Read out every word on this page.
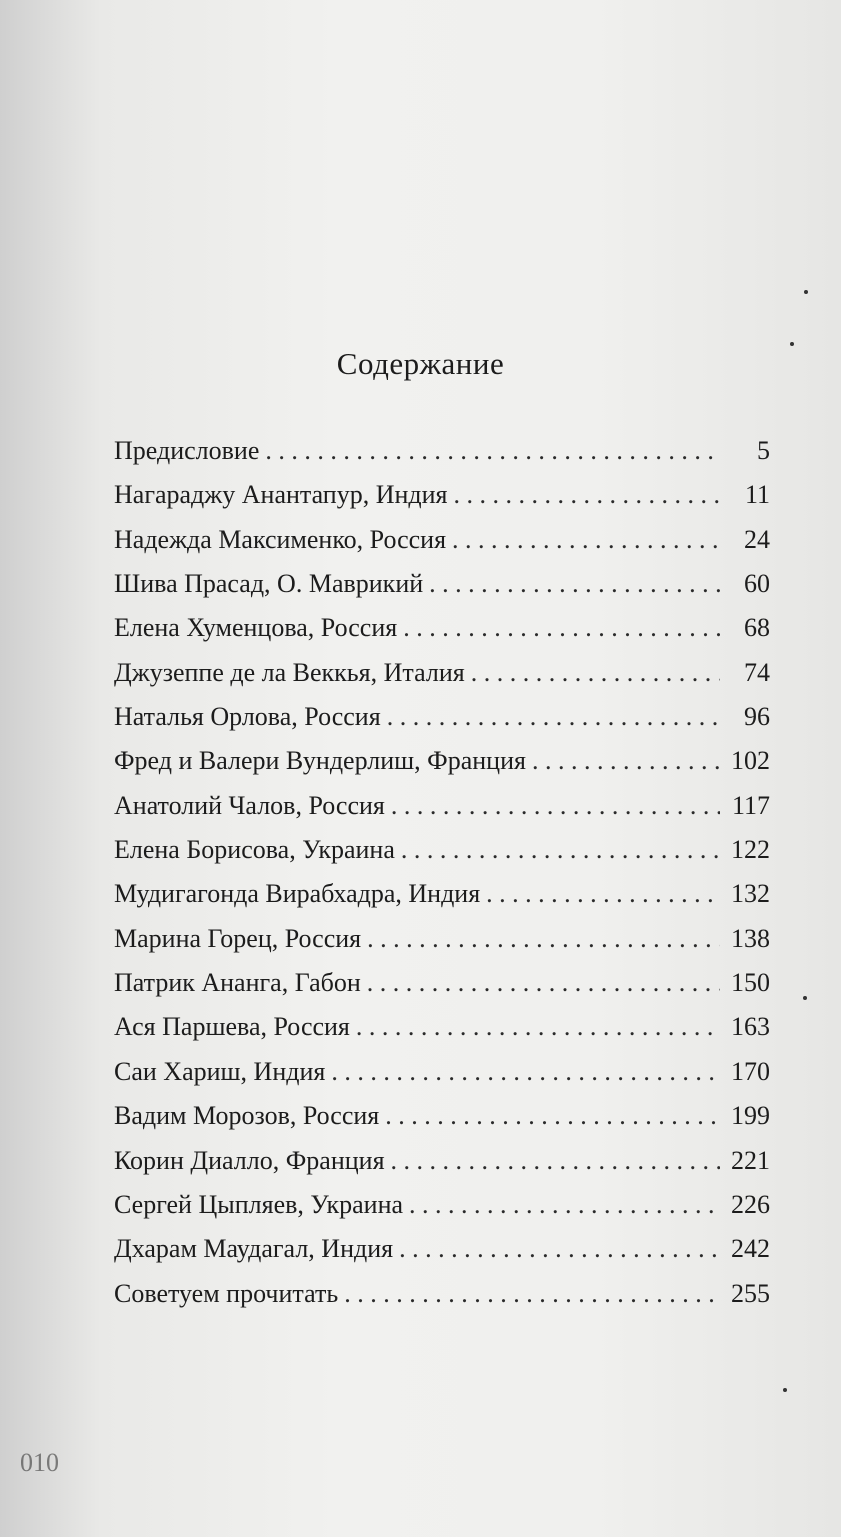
Содержание
Предисловие . . .	5
Нагараджу Анантапур, Индия . . .	11
Надежда Максименко, Россия . . .	24
Шива Прасад, О. Маврикий . . .	60
Елена Хуменцова, Россия . . .	68
Джузеппе де ла Веккья, Италия . . .	74
Наталья Орлова, Россия . . .	96
Фред и Валери Вундерлиш, Франция . . .	102
Анатолий Чалов, Россия . . .	117
Елена Борисова, Украина . . .	122
Мудигагонда Вирабхадра, Индия . . .	132
Марина Горец, Россия . . .	138
Патрик Ананга, Габон . . .	150
Ася Паршева, Россия . . .	163
Саи Хариш, Индия . . .	170
Вадим Морозов, Россия . . .	199
Корин Диалло, Франция . . .	221
Сергей Цыпляев, Украина . . .	226
Дхарам Маудагал, Индия . . .	242
Советуем прочитать . . .	255
010
